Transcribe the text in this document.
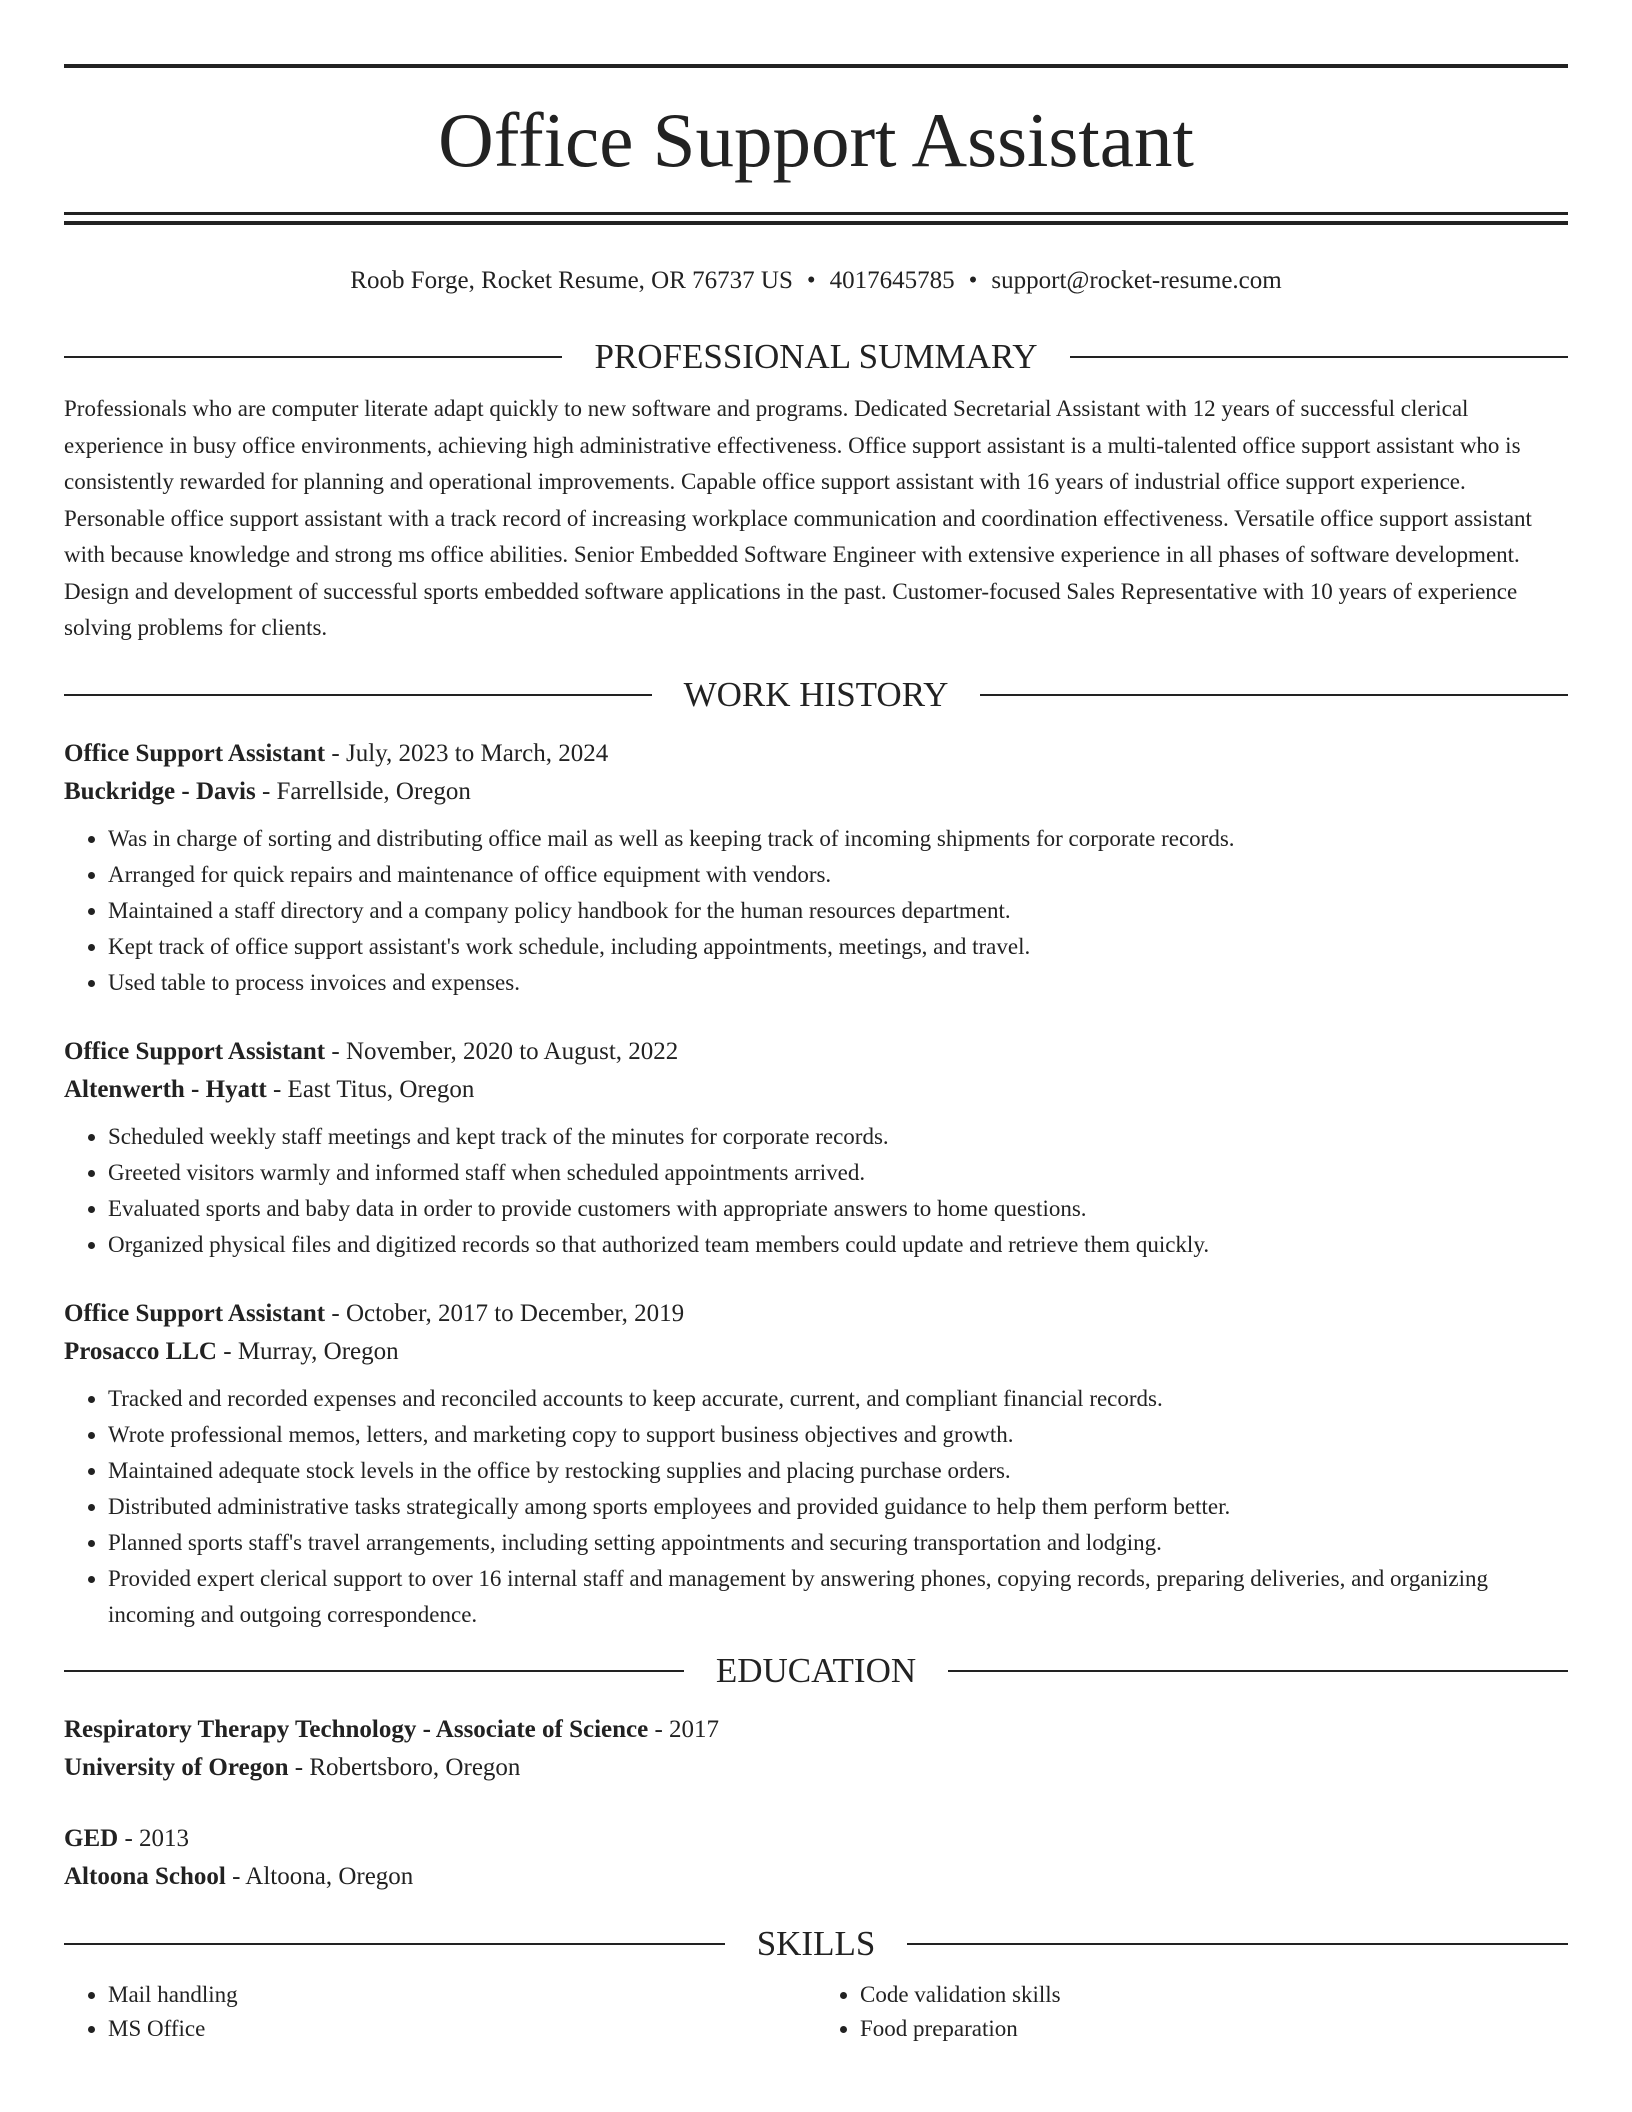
Office Support Assistant
Roob Forge, Rocket Resume, OR 76737 US • 4017645785 • support@rocket-resume.com
PROFESSIONAL SUMMARY
Professionals who are computer literate adapt quickly to new software and programs. Dedicated Secretarial Assistant with 12 years of successful clerical experience in busy office environments, achieving high administrative effectiveness. Office support assistant is a multi-talented office support assistant who is consistently rewarded for planning and operational improvements. Capable office support assistant with 16 years of industrial office support experience. Personable office support assistant with a track record of increasing workplace communication and coordination effectiveness. Versatile office support assistant with because knowledge and strong ms office abilities. Senior Embedded Software Engineer with extensive experience in all phases of software development. Design and development of successful sports embedded software applications in the past. Customer-focused Sales Representative with 10 years of experience solving problems for clients.
WORK HISTORY
Office Support Assistant - July, 2023 to March, 2024
Buckridge - Davis - Farrellside, Oregon
• Was in charge of sorting and distributing office mail as well as keeping track of incoming shipments for corporate records.
• Arranged for quick repairs and maintenance of office equipment with vendors.
• Maintained a staff directory and a company policy handbook for the human resources department.
• Kept track of office support assistant's work schedule, including appointments, meetings, and travel.
• Used table to process invoices and expenses.
Office Support Assistant - November, 2020 to August, 2022
Altenwerth - Hyatt - East Titus, Oregon
• Scheduled weekly staff meetings and kept track of the minutes for corporate records.
• Greeted visitors warmly and informed staff when scheduled appointments arrived.
• Evaluated sports and baby data in order to provide customers with appropriate answers to home questions.
• Organized physical files and digitized records so that authorized team members could update and retrieve them quickly.
Office Support Assistant - October, 2017 to December, 2019
Prosacco LLC - Murray, Oregon
• Tracked and recorded expenses and reconciled accounts to keep accurate, current, and compliant financial records.
• Wrote professional memos, letters, and marketing copy to support business objectives and growth.
• Maintained adequate stock levels in the office by restocking supplies and placing purchase orders.
• Distributed administrative tasks strategically among sports employees and provided guidance to help them perform better.
• Planned sports staff's travel arrangements, including setting appointments and securing transportation and lodging.
• Provided expert clerical support to over 16 internal staff and management by answering phones, copying records, preparing deliveries, and organizing incoming and outgoing correspondence.
EDUCATION
Respiratory Therapy Technology - Associate of Science - 2017
University of Oregon - Robertsboro, Oregon
GED - 2013
Altoona School - Altoona, Oregon
SKILLS
• Mail handling
• MS Office
• Code validation skills
• Food preparation
